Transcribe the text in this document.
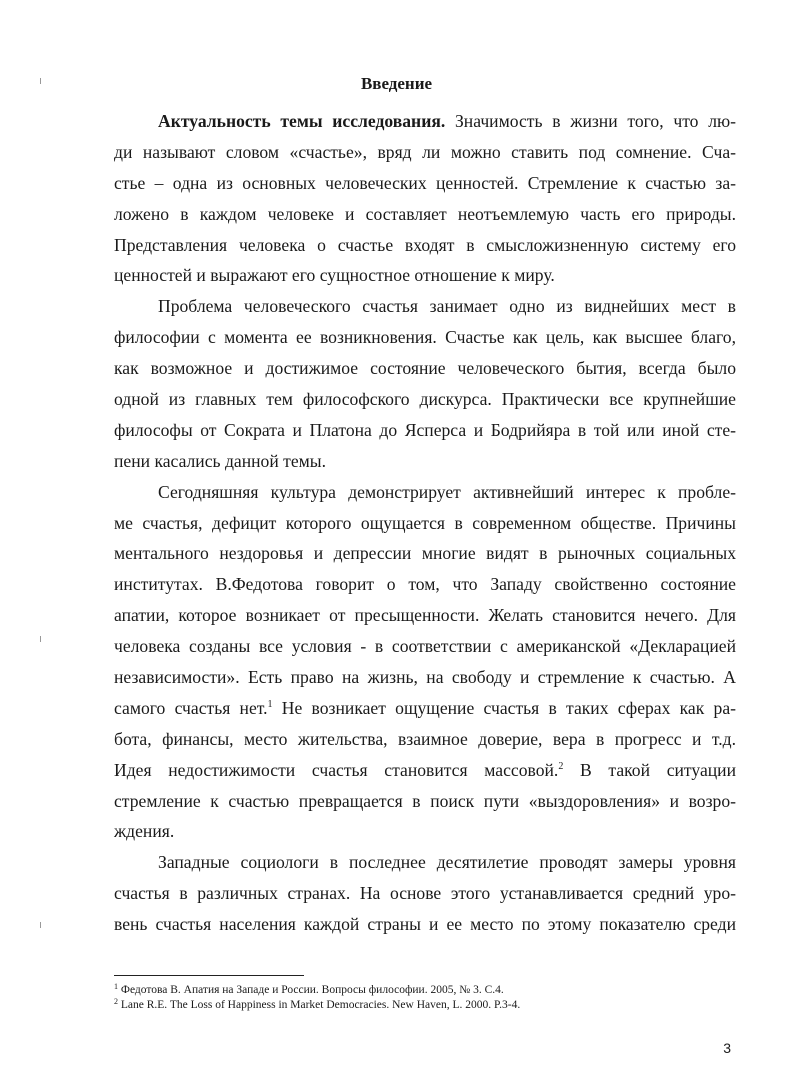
Введение
Актуальность темы исследования. Значимость в жизни того, что лю-
ди называют словом «счастье», вряд ли можно ставить под сомнение. Сча-
стье – одна из основных человеческих ценностей. Стремление к счастью за-
ложено в каждом человеке и составляет неотъемлемую часть его природы.
Представления человека о счастье входят в смысложизненную систему его
ценностей и выражают его сущностное отношение к миру.
Проблема человеческого счастья занимает одно из виднейших мест в
философии с момента ее возникновения. Счастье как цель, как высшее благо,
как возможное и достижимое состояние человеческого бытия, всегда было
одной из главных тем философского дискурса. Практически все крупнейшие
философы от Сократа и Платона до Ясперса и Бодрийяра в той или иной сте-
пени касались данной темы.
Сегодняшняя культура демонстрирует активнейший интерес к пробле-
ме счастья, дефицит которого ощущается в современном обществе. Причины
ментального нездоровья и депрессии многие видят в рыночных социальных
институтах. В.Федотова говорит о том, что Западу свойственно состояние
апатии, которое возникает от пресыщенности. Желать становится нечего. Для
человека созданы все условия - в соответствии с американской «Декларацией
независимости». Есть право на жизнь, на свободу и стремление к счастью. А
самого счастья нет.$^1$ Не возникает ощущение счастья в таких сферах как ра-
бота, финансы, место жительства, взаимное доверие, вера в прогресс и т.д.
Идея недостижимости счастья становится массовой.$^2$ В такой ситуации
стремление к счастью превращается в поиск пути «выздоровления» и возро-
ждения.
Западные социологи в последнее десятилетие проводят замеры уровня
счастья в различных странах. На основе этого устанавливается средний уро-
вень счастья населения каждой страны и ее место по этому показателю среди
$^1$ Федотова В. Апатия на Западе и России. Вопросы философии. 2005, № 3. С.4.
$^2$ Lane R.E. The Loss of Happiness in Market Democracies. New Haven, L. 2000. P.3-4.
3
